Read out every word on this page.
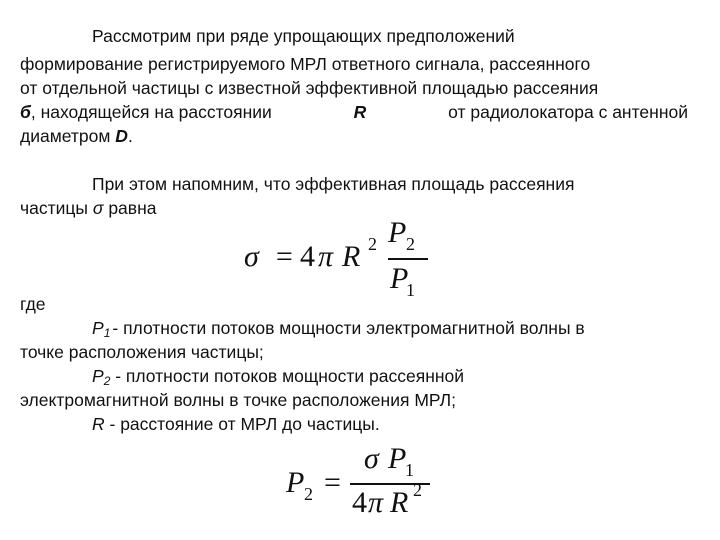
Рассмотрим при ряде упрощающих предположений
формирование регистрируемого МРЛ ответного сигнала, рассеянного
от отдельной частицы с известной эффективной площадью рассеяния
б, находящейся на расстоянии	R	от радиолокатора с антенной
диаметром D.
При этом напомним, что эффективная площадь рассеяния
частицы σ равна
σ = 4 π R 2 P 2
P
1
где
$P_1$ - плотности потоков мощности электромагнитной волны в
точке расположения частицы;
$P_2$ - плотности потоков мощности рассеянной
электромагнитной волны в точке расположения МРЛ;
R - расстояние от МРЛ до частицы.
P 2 =
σ P
1
4 π R 2
